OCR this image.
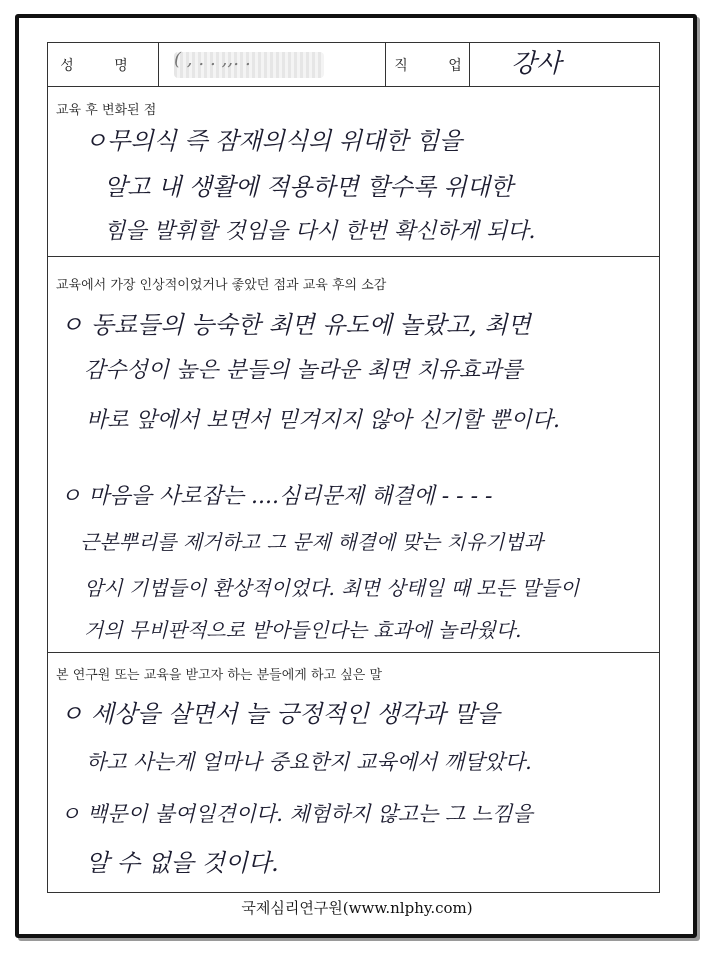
성 명 ( , ․ ․ ,,․ ․	직 업 강사
교육 후 변화된 점
ㅇ무의식 즉 잠재의식의 위대한 힘을
알고 내 생활에 적용하면 할수록 위대한
힘을 발휘할 것임을 다시 한번 확신하게 되다.
교육에서 가장 인상적이었거나 좋았던 점과 교육 후의 소감
ㅇ 동료들의 능숙한 최면 유도에 놀랐고, 최면
감수성이 높은 분들의 놀라운 최면 치유효과를
바로 앞에서 보면서 믿겨지지 않아 신기할 뿐이다.
ㅇ 마음을 사로잡는 ....심리문제 해결에 - - - -
근본뿌리를 제거하고 그 문제 해결에 맞는 치유기법과
암시 기법들이 환상적이었다. 최면 상태일 때 모든 말들이
거의 무비판적으로 받아들인다는 효과에 놀라웠다.
본 연구원 또는 교육을 받고자 하는 분들에게 하고 싶은 말
ㅇ 세상을 살면서 늘 긍정적인 생각과 말을
하고 사는게 얼마나 중요한지 교육에서 깨달았다.
ㅇ 백문이 불여일견이다. 체험하지 않고는 그 느낌을
알 수 없을 것이다.
국제심리연구원(www.nlphy.com)
